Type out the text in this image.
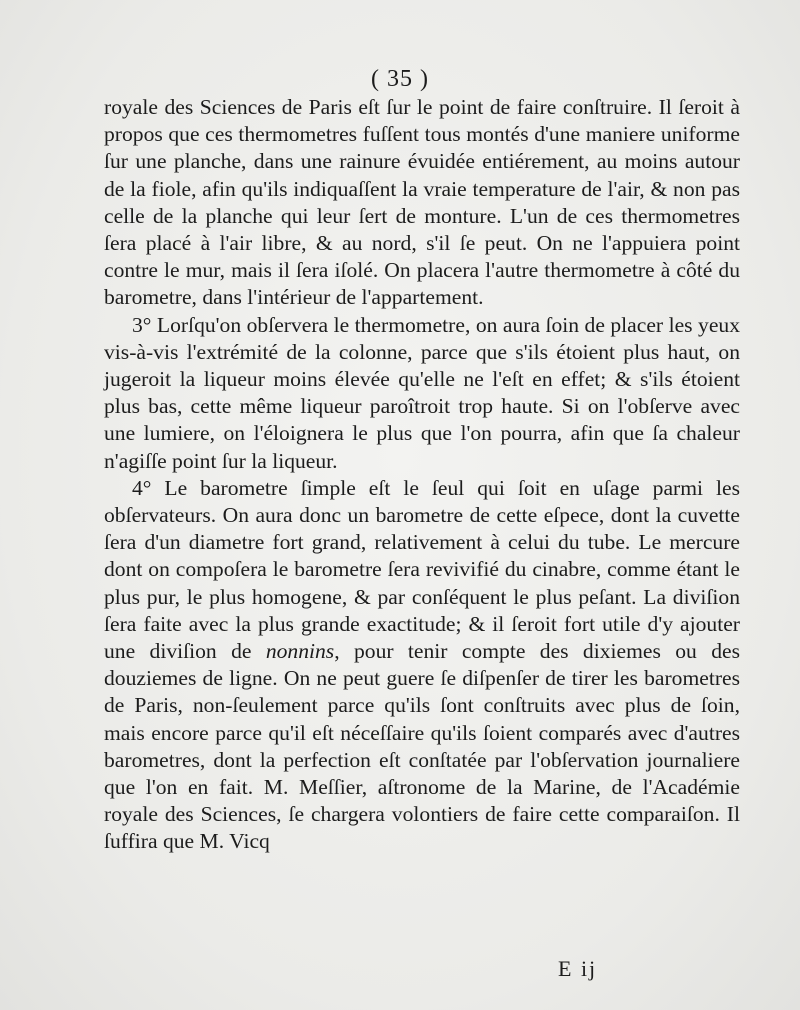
( 35 )

royale des Sciences de Paris eſt ſur le point de faire conſtruire. Il ſeroit à propos que ces thermometres fuſſent tous montés d'une maniere uniforme ſur une planche, dans une rainure évuidée entiérement, au moins autour de la fiole, afin qu'ils indiquaſſent la vraie temperature de l'air, & non pas celle de la planche qui leur ſert de monture. L'un de ces thermometres ſera placé à l'air libre, & au nord, s'il ſe peut. On ne l'appuiera point contre le mur, mais il ſera iſolé. On placera l'autre thermometre à côté du barometre, dans l'intérieur de l'appartement.

3° Lorſqu'on obſervera le thermometre, on aura ſoin de placer les yeux vis-à-vis l'extrémité de la colonne, parce que s'ils étoient plus haut, on jugeroit la liqueur moins élevée qu'elle ne l'eſt en effet; & s'ils étoient plus bas, cette même liqueur paroîtroit trop haute. Si on l'obſerve avec une lumiere, on l'éloignera le plus que l'on pourra, afin que ſa chaleur n'agiſſe point ſur la liqueur.

4° Le barometre ſimple eſt le ſeul qui ſoit en uſage parmi les obſervateurs. On aura donc un barometre de cette eſpece, dont la cuvette ſera d'un diametre fort grand, relativement à celui du tube. Le mercure dont on compoſera le barometre ſera revivifié du cinabre, comme étant le plus pur, le plus homogene, & par conſéquent le plus peſant. La diviſion ſera faite avec la plus grande exactitude; & il ſeroit fort utile d'y ajouter une diviſion de nonnins, pour tenir compte des dixiemes ou des douziemes de ligne. On ne peut guere ſe diſpenſer de tirer les barometres de Paris, non-ſeulement parce qu'ils ſont conſtruits avec plus de ſoin, mais encore parce qu'il eſt néceſſaire qu'ils ſoient comparés avec d'autres barometres, dont la perfection eſt conſtatée par l'obſervation journaliere que l'on en fait. M. Meſſier, aſtronome de la Marine, de l'Académie royale des Sciences, ſe chargera volontiers de faire cette comparaiſon. Il ſuffira que M. Vicq

E ij
